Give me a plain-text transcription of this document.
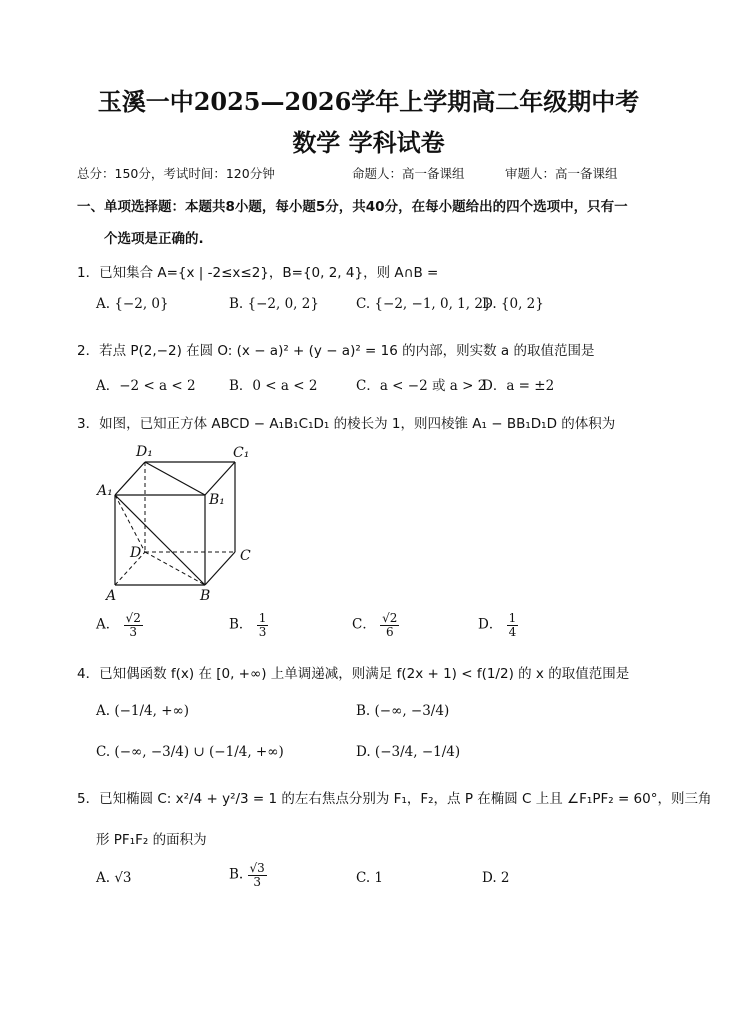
玉溪一中2025—2026学年上学期高二年级期中考
数学 学科试卷
总分：150分，考试时间：120分钟	命题人：高一备课组	审题人：高一备课组
一、单项选择题：本题共8小题，每小题5分，共40分，在每小题给出的四个选项中，只有一
个选项是正确的.
1．已知集合 A={x | -2≤x≤2}，B={0, 2, 4}，则 A∩B =
A. {−2, 0}	B. {−2, 0, 2}	C. {−2, −1, 0, 1, 2}
D. {0, 2}
2．若点 P(2,−2) 在圆 O: (x − a)² + (y − a)² = 16 的内部，则实数 a 的取值范围是
A．−2 < a < 2 B．0 < a < 2	C．a < −2 或 a > 2
D．a = ±2
3．如图，已知正方体 ABCD − A₁B₁C₁D₁ 的棱长为 1，则四棱锥 A₁ − BB₁D₁D 的体积为
D₁	C₁
A₁
B₁
D	C
A	B
A． $\frac{√2}{3}$	B． $\frac{1}{3}$	C． $\frac{√2}{6}$	D． $\frac{1}{4}$
4．已知偶函数 f(x) 在 [0, +∞) 上单调递减，则满足 f(2x + 1) < f(1/2) 的 x 的取值范围是
A. (−1/4, +∞)	B. (−∞, −3/4)
C. (−∞, −3/4) ∪ (−1/4, +∞)	D. (−3/4, −1/4)
5．已知椭圆 C: x²/4 + y²/3 = 1 的左右焦点分别为 F₁，F₂，点 P 在椭圆 C 上且 ∠F₁PF₂ = 60°，则三角
形 PF₁F₂ 的面积为
A. √3	B. $\frac{√3}{3}$	C. 1	D. 2
